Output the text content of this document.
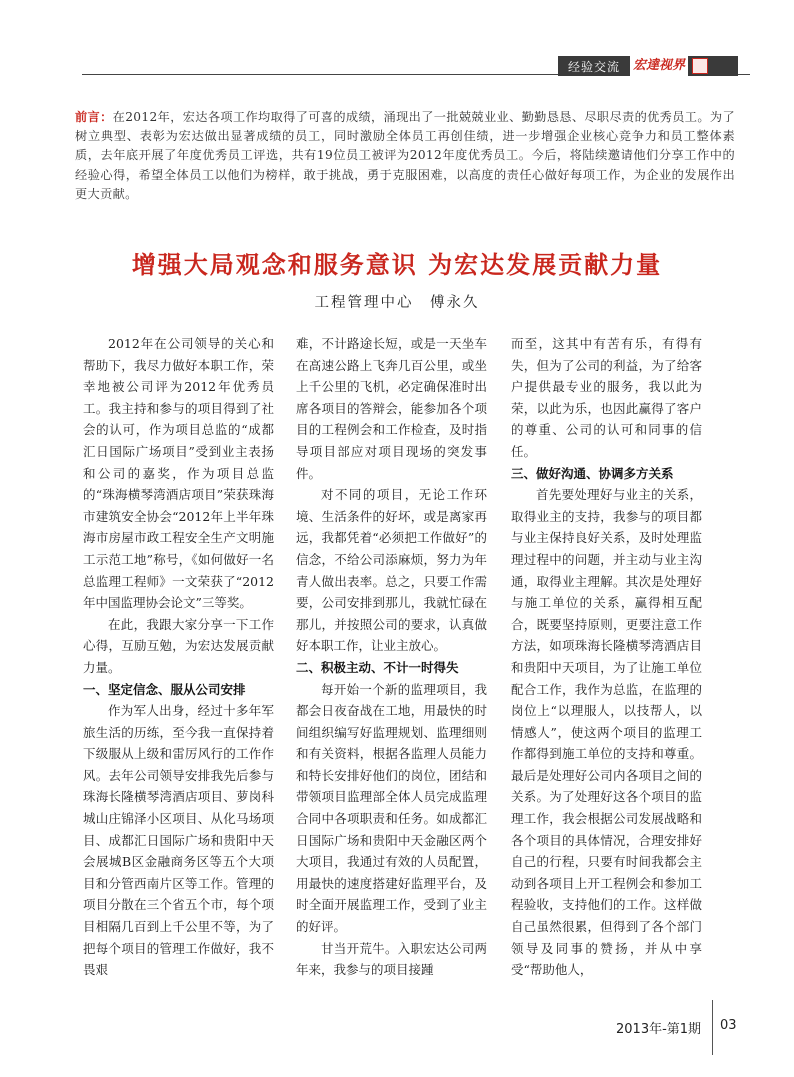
经验交流 宏達视界
前言：在2012年，宏达各项工作均取得了可喜的成绩，涌现出了一批兢兢业业、勤勤恳恳、尽职尽责的优秀员工。为了树立典型、表彰为宏达做出显著成绩的员工，同时激励全体员工再创佳绩，进一步增强企业核心竞争力和员工整体素质，去年底开展了年度优秀员工评选，共有19位员工被评为2012年度优秀员工。今后，将陆续邀请他们分享工作中的经验心得，希望全体员工以他们为榜样，敢于挑战，勇于克服困难，以高度的责任心做好每项工作，为企业的发展作出更大贡献。
增强大局观念和服务意识 为宏达发展贡献力量
工程管理中心　傅永久

2012年在公司领导的关心和帮助下，我尽力做好本职工作，荣幸地被公司评为2012年优秀员工。我主持和参与的项目得到了社会的认可，作为项目总监的“成都汇日国际广场项目”受到业主表扬和公司的嘉奖，作为项目总监的“珠海横琴湾酒店项目”荣获珠海市建筑安全协会“2012年上半年珠海市房屋市政工程安全生产文明施工示范工地”称号，《如何做好一名总监理工程师》一文荣获了“2012年中国监理协会论文”三等奖。

在此，我跟大家分享一下工作心得，互励互勉，为宏达发展贡献力量。

一、坚定信念、服从公司安排

作为军人出身，经过十多年军旅生活的历练，至今我一直保持着下级服从上级和雷厉风行的工作作风。去年公司领导安排我先后参与珠海长隆横琴湾酒店项目、萝岗科城山庄锦泽小区项目、从化马场项目、成都汇日国际广场和贵阳中天会展城B区金融商务区等五个大项目和分管西南片区等工作。管理的项目分散在三个省五个市，每个项目相隔几百到上千公里不等，为了把每个项目的管理工作做好，我不畏艰

难，不计路途长短，或是一天坐车在高速公路上飞奔几百公里，或坐上千公里的飞机，必定确保准时出席各项目的答辩会，能参加各个项目的工程例会和工作检查，及时指导项目部应对项目现场的突发事件。

对不同的项目，无论工作环境、生活条件的好坏，或是离家再远，我都凭着“必须把工作做好”的信念，不给公司添麻烦，努力为年青人做出表率。总之，只要工作需要，公司安排到那儿，我就忙碌在那儿，并按照公司的要求，认真做好本职工作，让业主放心。

二、积极主动、不计一时得失

每开始一个新的监理项目，我都会日夜奋战在工地，用最快的时间组织编写好监理规划、监理细则和有关资料，根据各监理人员能力和特长安排好他们的岗位，团结和带领项目监理部全体人员完成监理合同中各项职责和任务。如成都汇日国际广场和贵阳中天金融区两个大项目，我通过有效的人员配置，用最快的速度搭建好监理平台，及时全面开展监理工作，受到了业主的好评。

甘当开荒牛。入职宏达公司两年来，我参与的项目接踵

而至，这其中有苦有乐，有得有失，但为了公司的利益，为了给客户提供最专业的服务，我以此为荣，以此为乐，也因此赢得了客户的尊重、公司的认可和同事的信任。

三、做好沟通、协调多方关系

首先要处理好与业主的关系，取得业主的支持，我参与的项目都与业主保持良好关系，及时处理监理过程中的问题，并主动与业主沟通，取得业主理解。其次是处理好与施工单位的关系，赢得相互配合，既要坚持原则，更要注意工作方法，如项珠海长隆横琴湾酒店目和贵阳中天项目，为了让施工单位配合工作，我作为总监，在监理的岗位上“以理服人，以技帮人，以情感人”，使这两个项目的监理工作都得到施工单位的支持和尊重。最后是处理好公司内各项目之间的关系。为了处理好这各个项目的监理工作，我会根据公司发展战略和各个项目的具体情况，合理安排好自己的行程，只要有时间我都会主动到各项目上开工程例会和参加工程验收，支持他们的工作。这样做自己虽然很累，但得到了各个部门领导及同事的赞扬，并从中享受“帮助他人，

2013年-第1期 03
